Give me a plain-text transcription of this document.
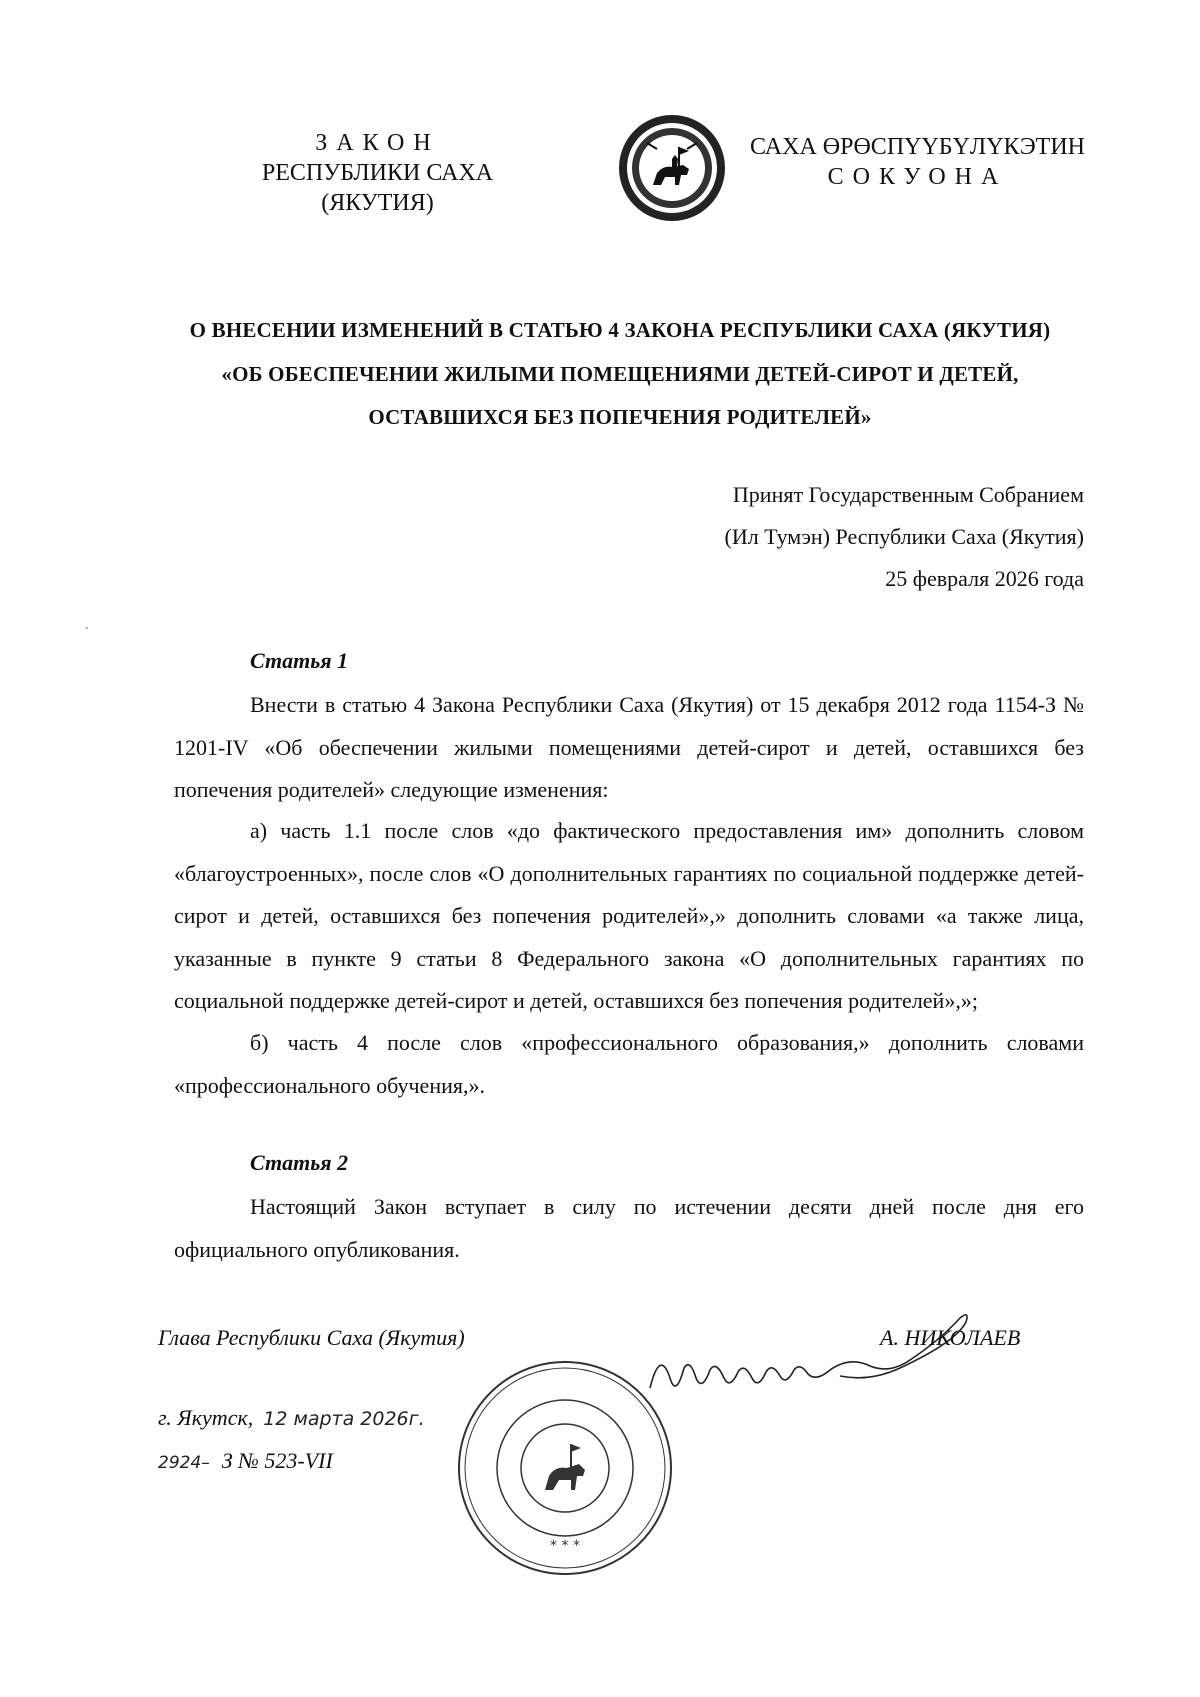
ЗАКОН
РЕСПУБЛИКИ САХА (ЯКУТИЯ)
САХА ӨРӨСПҮҮБҮЛҮКЭТИН
СОКУОНА
О ВНЕСЕНИИ ИЗМЕНЕНИЙ В СТАТЬЮ 4 ЗАКОНА РЕСПУБЛИКИ САХА (ЯКУТИЯ)
«ОБ ОБЕСПЕЧЕНИИ ЖИЛЫМИ ПОМЕЩЕНИЯМИ ДЕТЕЙ-СИРОТ И ДЕТЕЙ,
ОСТАВШИХСЯ БЕЗ ПОПЕЧЕНИЯ РОДИТЕЛЕЙ»
Принят Государственным Собранием
(Ил Тумэн) Республики Саха (Якутия)
25 февраля 2026 года
Статья 1

Внести в статью 4 Закона Республики Саха (Якутия) от 15 декабря 2012 года 1154-З № 1201-IV «Об обеспечении жилыми помещениями детей-сирот и детей, оставшихся без попечения родителей» следующие изменения:

а) часть 1.1 после слов «до фактического предоставления им» дополнить словом «благоустроенных», после слов «О дополнительных гарантиях по социальной поддержке детей-сирот и детей, оставшихся без попечения родителей»,» дополнить словами «а также лица, указанные в пункте 9 статьи 8 Федерального закона «О дополнительных гарантиях по социальной поддержке детей-сирот и детей, оставшихся без попечения родителей»,»;

б) часть 4 после слов «профессионального образования,» дополнить словами «профессионального обучения,».

Статья 2

Настоящий Закон вступает в силу по истечении десяти дней после дня его официального опубликования.

* * *
Глава Республики Саха (Якутия)	А. НИКОЛАЕВ
г. Якутск, 12 марта 2026г.
2924– З № 523-VII
